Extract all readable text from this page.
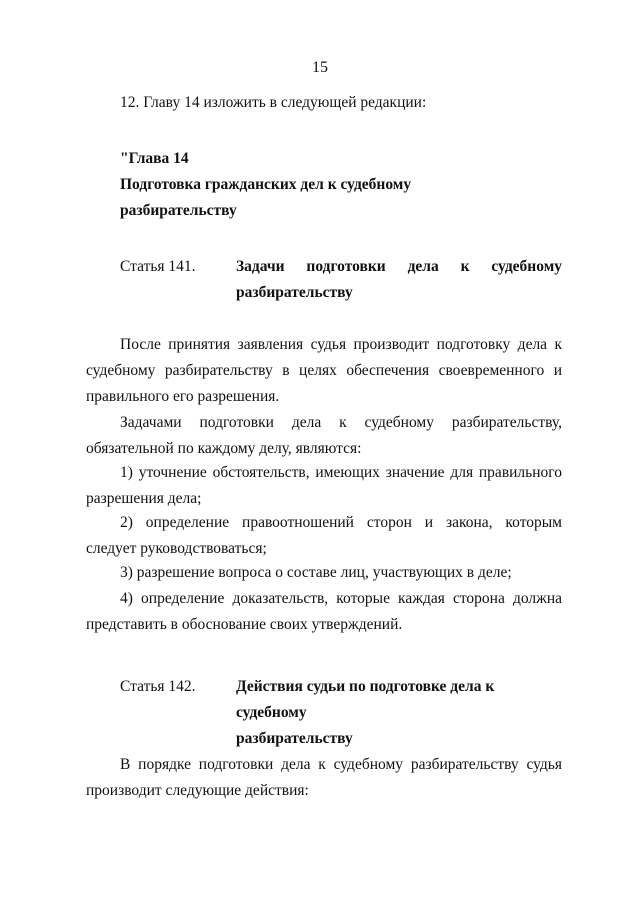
15
12. Главу 14 изложить в следующей редакции:
"Глава 14
Подготовка гражданских дел к судебному
разбирательству
Статья 141.	Задачи подготовки дела к судебному
разбирательству
После принятия заявления судья производит подготовку дела к судебному разбирательству в целях обеспечения своевременного и правильного его разрешения.
Задачами подготовки дела к судебному разбирательству, обязательной по каждому делу, являются:
1) уточнение обстоятельств, имеющих значение для правильного разрешения дела;
2) определение правоотношений сторон и закона, которым следует руководствоваться;
3) разрешение вопроса о составе лиц, участвующих в деле;
4) определение доказательств, которые каждая сторона должна представить в обоснование своих утверждений.
Статья 142.	Действия судьи по подготовке дела к судебному
разбирательству
В порядке подготовки дела к судебному разбирательству судья производит следующие действия:
